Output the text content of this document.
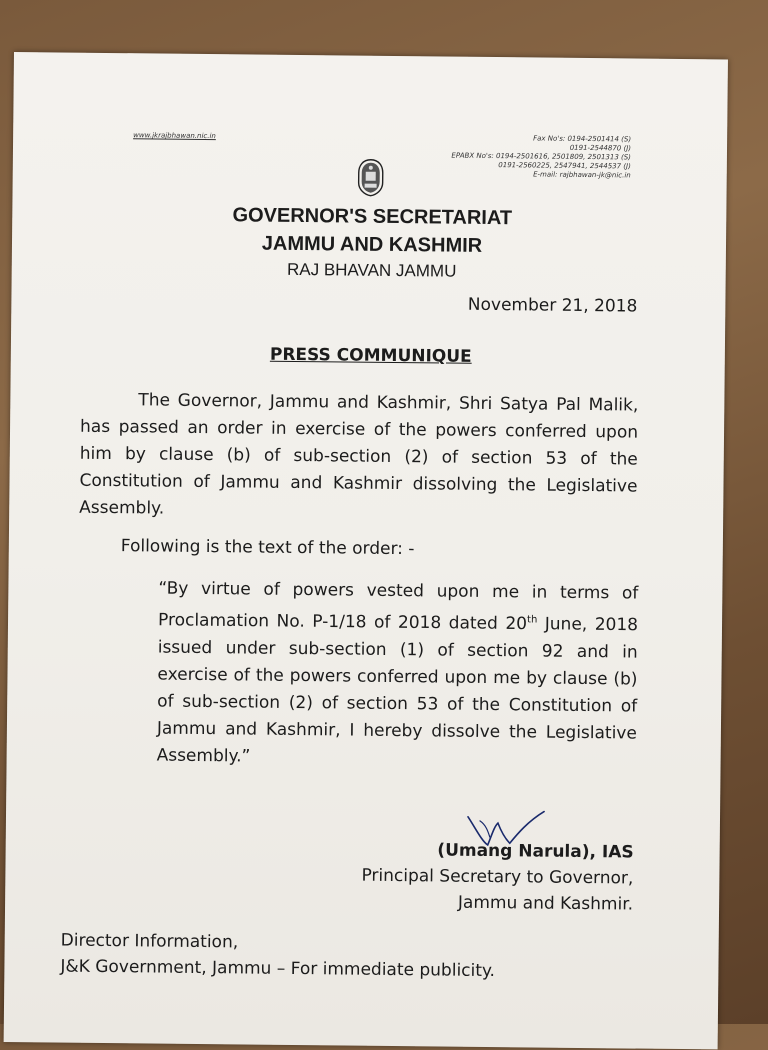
www.jkrajbhawan.nic.in	Fax No's: 0194-2501414 (S)
0191-2544870 (J)
EPABX No's: 0194-2501616, 2501809, 2501313 (S)
0191-2560225, 2547941, 2544537 (J)
E-mail: rajbhawan-jk@nic.in
GOVERNOR'S SECRETARIAT
JAMMU AND KASHMIR
RAJ BHAVAN JAMMU
November 21, 2018
PRESS COMMUNIQUE
The Governor, Jammu and Kashmir, Shri Satya Pal Malik, has passed an order in exercise of the powers conferred upon him by clause (b) of sub-section (2) of section 53 of the Constitution of Jammu and Kashmir dissolving the Legislative Assembly.
Following is the text of the order: -
“By virtue of powers vested upon me in terms of Proclamation No. P-1/18 of 2018 dated 20th June, 2018 issued under sub-section (1) of section 92 and in exercise of the powers conferred upon me by clause (b) of sub-section (2) of section 53 of the Constitution of Jammu and Kashmir, I hereby dissolve the Legislative Assembly.”
(Umang Narula), IAS
Principal Secretary to Governor,
Jammu and Kashmir.
Director Information,
J&K Government, Jammu – For immediate publicity.
